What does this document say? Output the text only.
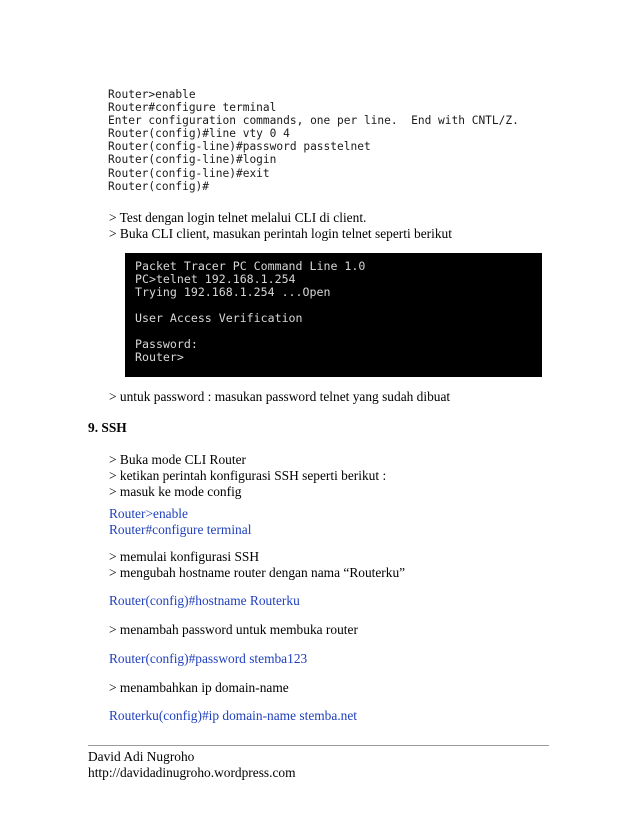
Router>enable
Router#configure terminal
Enter configuration commands, one per line.  End with CNTL/Z.
Router(config)#line vty 0 4
Router(config-line)#password passtelnet
Router(config-line)#login
Router(config-line)#exit
Router(config)#
> Test dengan login telnet melalui CLI di client.
> Buka CLI client, masukan perintah login telnet seperti berikut
Packet Tracer PC Command Line 1.0
PC>telnet 192.168.1.254
Trying 192.168.1.254 ...Open
User Access Verification
Password:
Router>
> untuk password : masukan password telnet yang sudah dibuat
9. SSH
> Buka mode CLI Router
> ketikan perintah konfigurasi SSH seperti berikut :
> masuk ke mode config
Router>enable
Router#configure terminal
> memulai konfigurasi SSH
> mengubah hostname router dengan nama “Routerku”
Router(config)#hostname Routerku
> menambah password untuk membuka router
Router(config)#password stemba123
> menambahkan ip domain-name
Routerku(config)#ip domain-name stemba.net
David Adi Nugroho
http://davidadinugroho.wordpress.com
